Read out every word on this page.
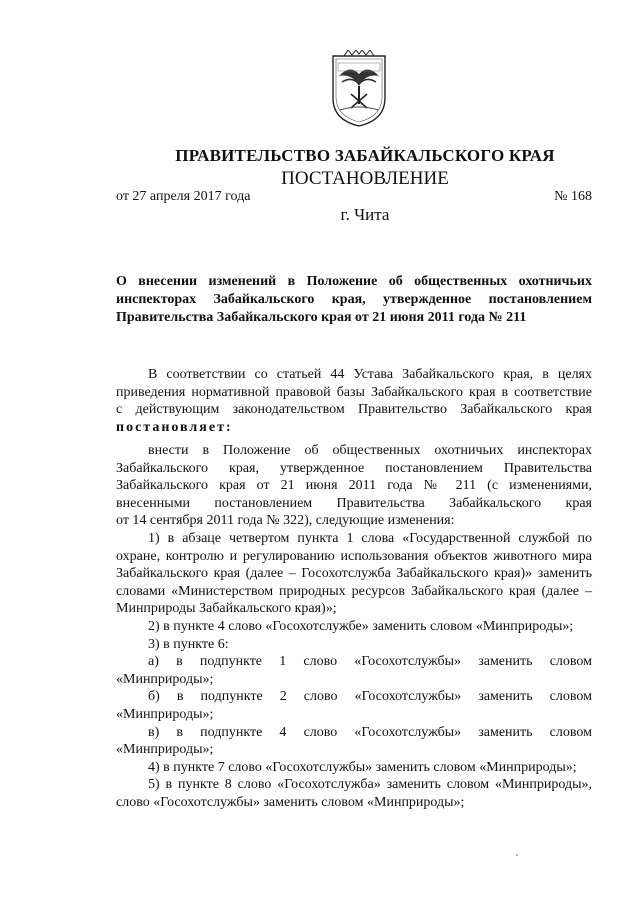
ПРАВИТЕЛЬСТВО ЗАБАЙКАЛЬСКОГО КРАЯ
ПОСТАНОВЛЕНИЕ
от 27 апреля 2017 года	№ 168
г. Чита
О внесении изменений в Положение об общественных охотничьих
инспекторах Забайкальского края, утвержденное постановлением
Правительства Забайкальского края от 21 июня 2011 года № 211
В соответствии со статьей 44 Устава Забайкальского края, в целях
приведения нормативной правовой базы Забайкальского края в соответствие
с действующим законодательством Правительство Забайкальского края
постановляет:
внести в Положение об общественных охотничьих инспекторах
Забайкальского края, утвержденное постановлением Правительства
Забайкальского края от 21 июня 2011 года № 211 (с изменениями,
внесенными постановлением Правительства Забайкальского края
от 14 сентября 2011 года № 322), следующие изменения:
1) в абзаце четвертом пункта 1 слова «Государственной службой по
охране, контролю и регулированию использования объектов животного мира
Забайкальского края (далее – Госохотслужба Забайкальского края)» заменить
словами «Министерством природных ресурсов Забайкальского края (далее –
Минприроды Забайкальского края)»;
2) в пункте 4 слово «Госохотслужбе» заменить словом «Минприроды»;
3) в пункте 6:
а) в подпункте 1 слово «Госохотслужбы» заменить словом
«Минприроды»;
б) в подпункте 2 слово «Госохотслужбы» заменить словом
«Минприроды»;
в) в подпункте 4 слово «Госохотслужбы» заменить словом
«Минприроды»;
4) в пункте 7 слово «Госохотслужбы» заменить словом «Минприроды»;
5) в пункте 8 слово «Госохотслужба» заменить словом «Минприроды»,
слово «Госохотслужбы» заменить словом «Минприроды»;
